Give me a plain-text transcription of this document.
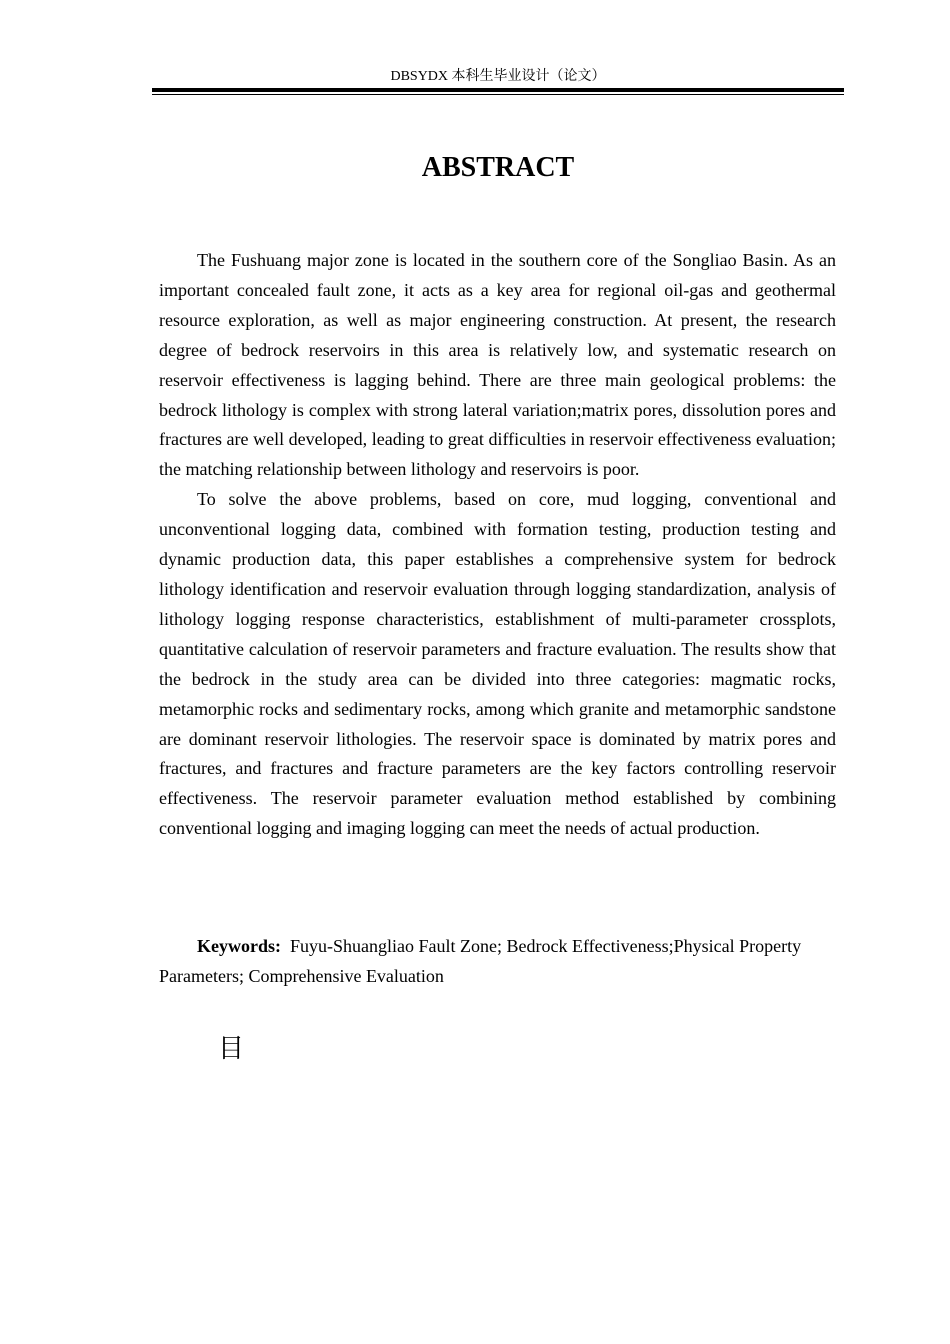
DBSYDX 本科生毕业设计（论文）
ABSTRACT

The Fushuang major zone is located in the southern core of the Songliao Basin. As an important concealed fault zone, it acts as a key area for regional oil-gas and geothermal resource exploration, as well as major engineering construction. At present, the research degree of bedrock reservoirs in this area is relatively low, and systematic research on reservoir effectiveness is lagging behind. There are three main geological problems: the bedrock lithology is complex with strong lateral variation;matrix pores, dissolution pores and fractures are well developed, leading to great difficulties in reservoir effectiveness evaluation; the matching relationship between lithology and reservoirs is poor.

To solve the above problems, based on core, mud logging, conventional and unconventional logging data, combined with formation testing, production testing and dynamic production data, this paper establishes a comprehensive system for bedrock lithology identification and reservoir evaluation through logging standardization, analysis of lithology logging response characteristics, establishment of multi-parameter crossplots, quantitative calculation of reservoir parameters and fracture evaluation. The results show that the bedrock in the study area can be divided into three categories: magmatic rocks, metamorphic rocks and sedimentary rocks, among which granite and metamorphic sandstone are dominant reservoir lithologies. The reservoir space is dominated by matrix pores and fractures, and fractures and fracture parameters are the key factors controlling reservoir effectiveness. The reservoir parameter evaluation method established by combining conventional logging and imaging logging can meet the needs of actual production.

Keywords: Fuyu-Shuangliao Fault Zone; Bedrock Effectiveness;Physical Property Parameters; Comprehensive Evaluation
目
